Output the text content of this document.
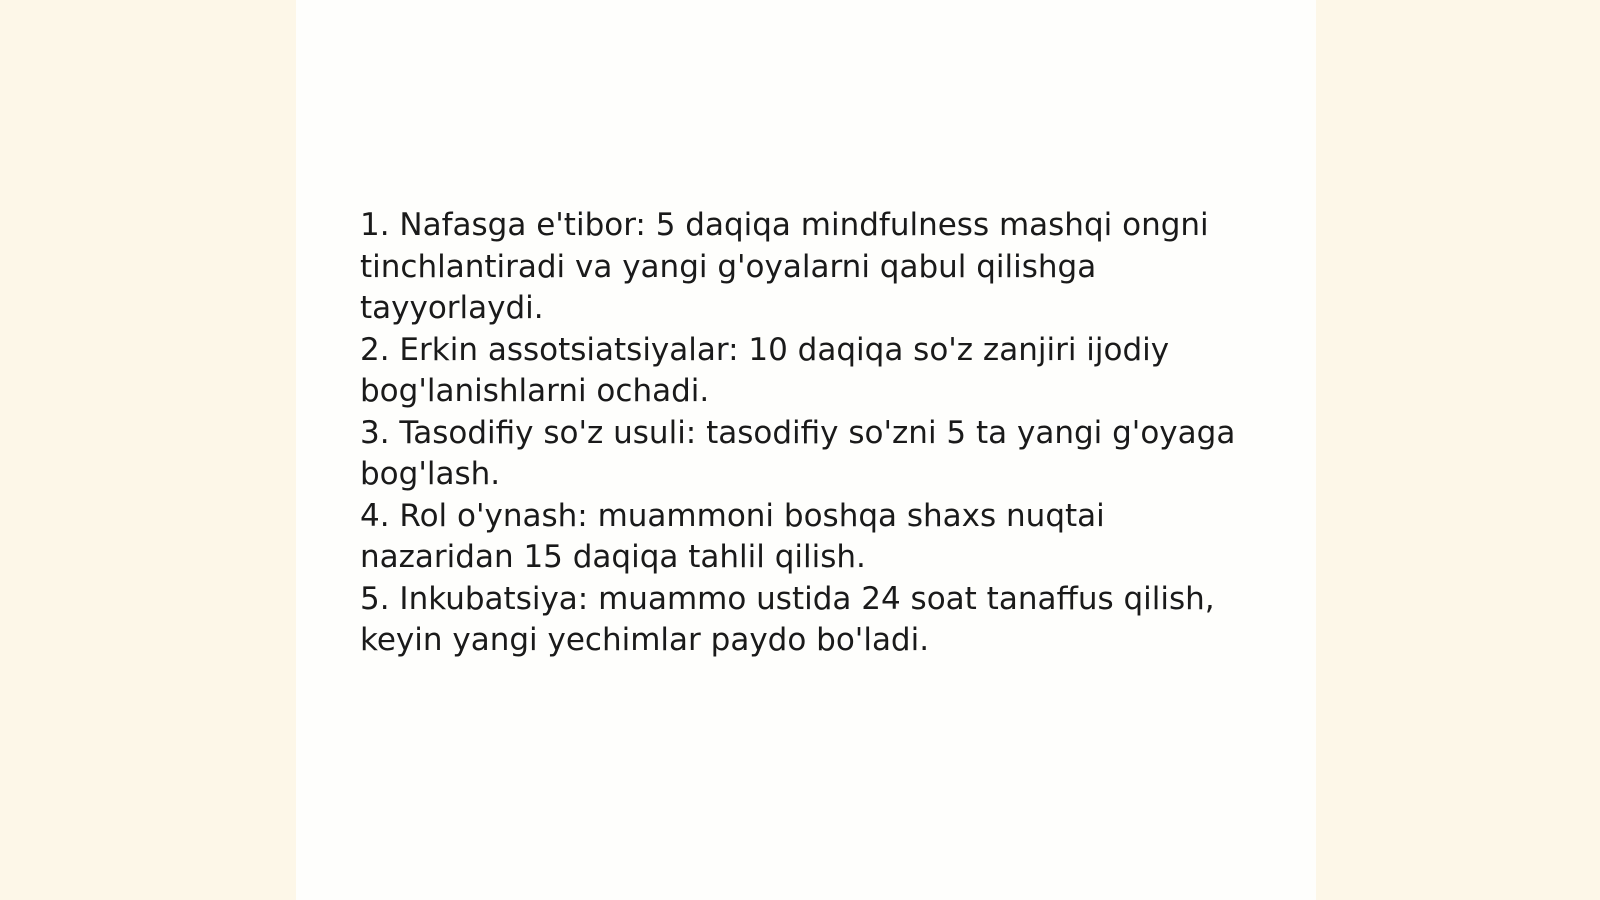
1. Nafasga e'tibor: 5 daqiqa mindfulness mashqi ongni tinchlantiradi va yangi g'oyalarni qabul qilishga tayyorlaydi.

2. Erkin assotsiatsiyalar: 10 daqiqa so'z zanjiri ijodiy bog'lanishlarni ochadi.

3. Tasodifiy so'z usuli: tasodifiy so'zni 5 ta yangi g'oyaga bog'lash.

4. Rol o'ynash: muammoni boshqa shaxs nuqtai nazaridan 15 daqiqa tahlil qilish.

5. Inkubatsiya: muammo ustida 24 soat tanaffus qilish, keyin yangi yechimlar paydo bo'ladi.
